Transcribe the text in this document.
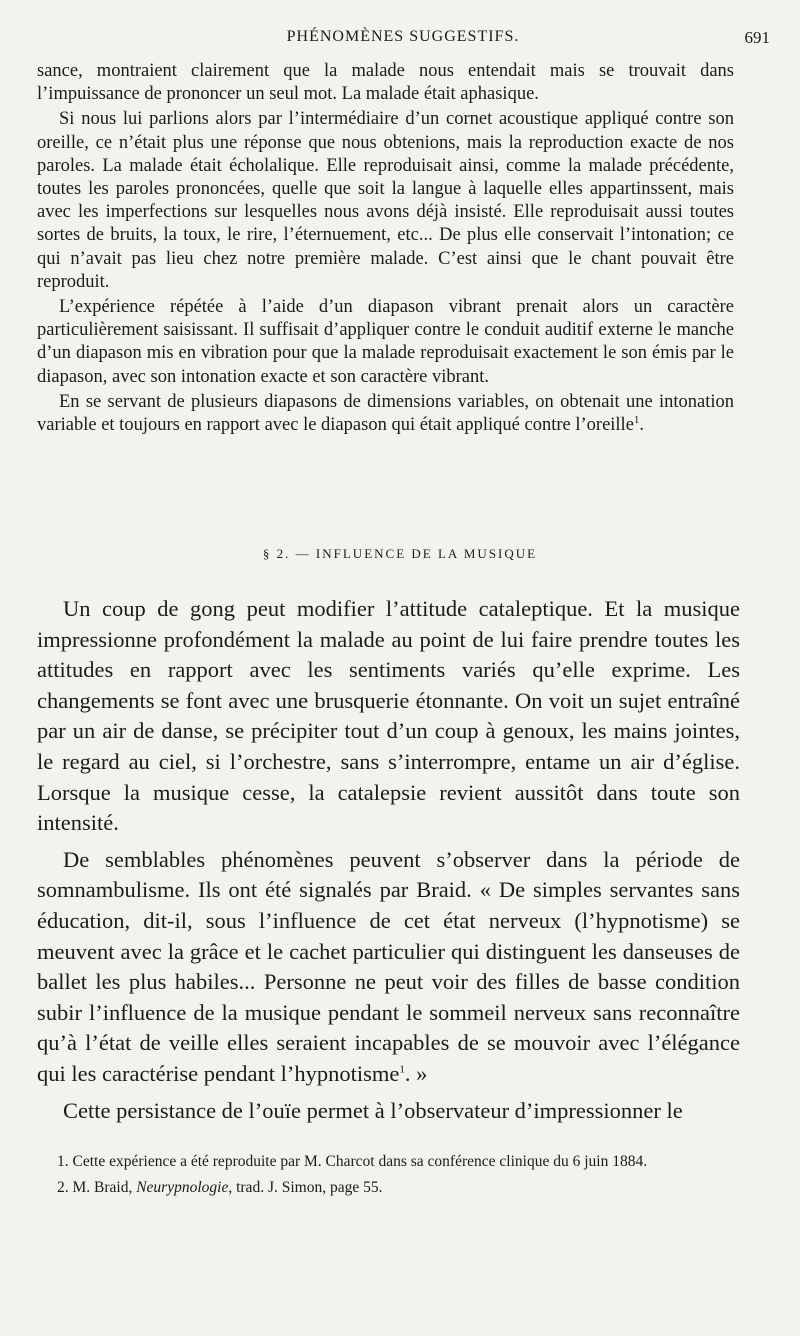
PHÉNOMÈNES SUGGESTIFS.	691

sance, montraient clairement que la malade nous entendait mais se trouvait dans l’impuissance de prononcer un seul mot. La malade était aphasique.

Si nous lui parlions alors par l’intermédiaire d’un cornet acoustique appliqué contre son oreille, ce n’était plus une réponse que nous obtenions, mais la reproduction exacte de nos paroles. La malade était écholalique. Elle reproduisait ainsi, comme la malade précédente, toutes les paroles prononcées, quelle que soit la langue à laquelle elles appartinssent, mais avec les imperfections sur lesquelles nous avons déjà insisté. Elle reproduisait aussi toutes sortes de bruits, la toux, le rire, l’éternuement, etc... De plus elle conservait l’intonation; ce qui n’avait pas lieu chez notre première malade. C’est ainsi que le chant pouvait être reproduit.

L’expérience répétée à l’aide d’un diapason vibrant prenait alors un caractère particulièrement saisissant. Il suffisait d’appliquer contre le conduit auditif externe le manche d’un diapason mis en vibration pour que la malade reproduisait exactement le son émis par le diapason, avec son intonation exacte et son caractère vibrant.

En se servant de plusieurs diapasons de dimensions variables, on obtenait une intonation variable et toujours en rapport avec le diapason qui était appliqué contre l’oreille$^1$.

§ 2. — INFLUENCE DE LA MUSIQUE

Un coup de gong peut modifier l’attitude cataleptique. Et la musique impressionne profondément la malade au point de lui faire prendre toutes les attitudes en rapport avec les sentiments variés qu’elle exprime. Les changements se font avec une brusquerie étonnante. On voit un sujet entraîné par un air de danse, se précipiter tout d’un coup à genoux, les mains jointes, le regard au ciel, si l’orchestre, sans s’interrompre, entame un air d’église. Lorsque la musique cesse, la catalepsie revient aussitôt dans toute son intensité.

De semblables phénomènes peuvent s’observer dans la période de somnambulisme. Ils ont été signalés par Braid. « De simples servantes sans éducation, dit-il, sous l’influence de cet état nerveux (l’hypnotisme) se meuvent avec la grâce et le cachet particulier qui distinguent les danseuses de ballet les plus habiles... Personne ne peut voir des filles de basse condition subir l’influence de la musique pendant le sommeil nerveux sans reconnaître qu’à l’état de veille elles seraient incapables de se mouvoir avec l’élégance qui les caractérise pendant l’hypnotisme$^1$. »

Cette persistance de l’ouïe permet à l’observateur d’impressionner le

1. Cette expérience a été reproduite par M. Charcot dans sa conférence clinique du 6 juin 1884.

2. M. Braid, Neurypnologie, trad. J. Simon, page 55.
